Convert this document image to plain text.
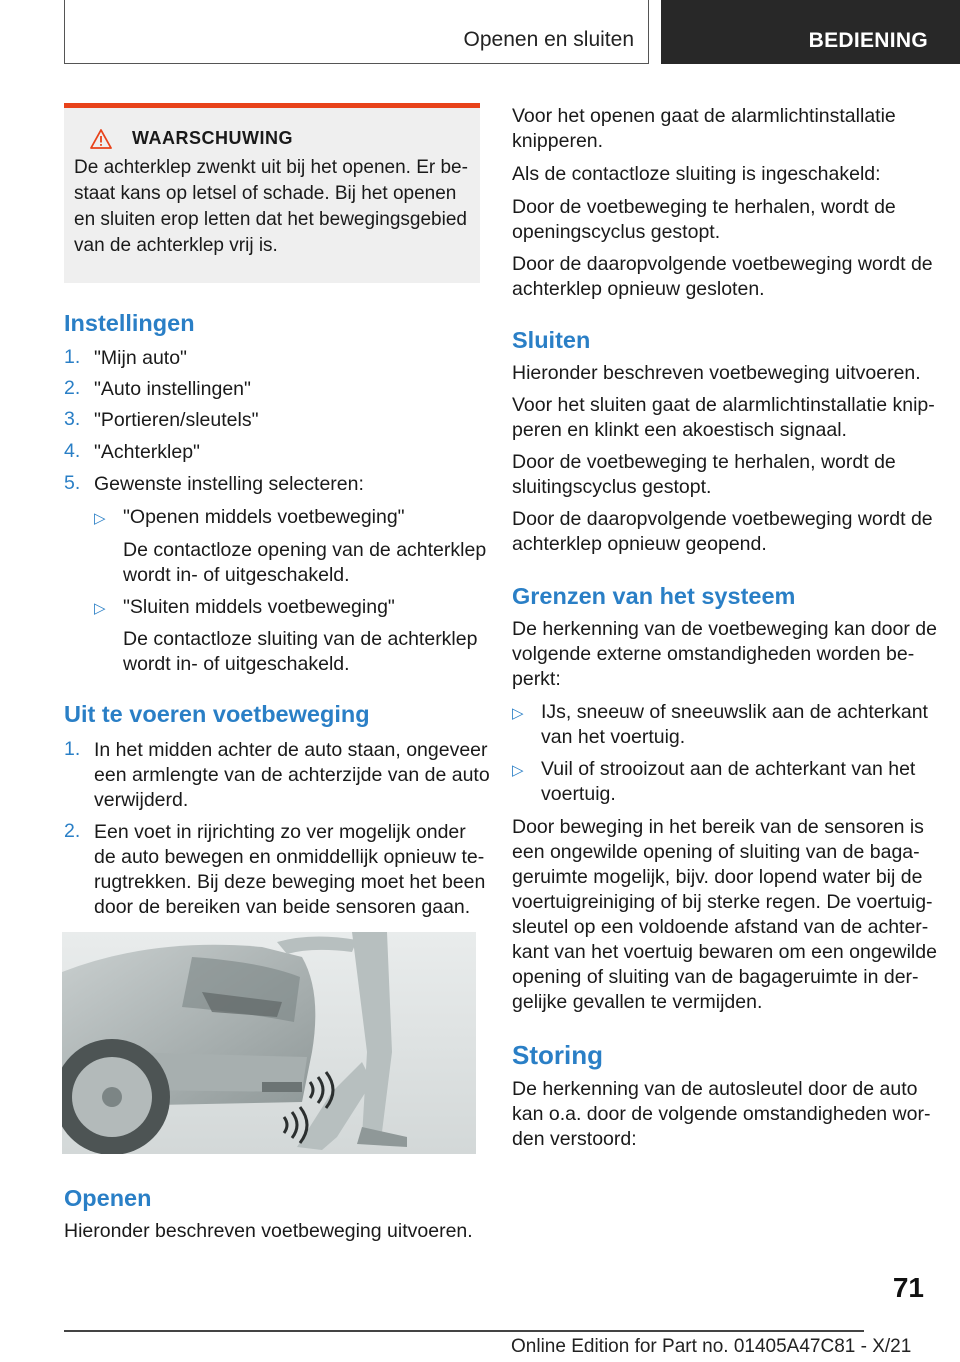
Openen en sluiten	BEDIENING
WAARSCHUWING
De achterklep zwenkt uit bij het openen. Er be-
staat kans op letsel of schade. Bij het openen
en sluiten erop letten dat het bewegingsgebied
van de achterklep vrij is.
Instellingen
1. "Mijn auto"

2. "Auto instellingen"

3. "Portieren/sleutels"

4. "Achterklep"

5. Gewenste instelling selecteren:

▷ "Openen middels voetbeweging"

De contactloze opening van de achterklep

wordt in- of uitgeschakeld.

▷ "Sluiten middels voetbeweging"

De contactloze sluiting van de achterklep

wordt in- of uitgeschakeld.

Uit te voeren voetbeweging
1. In het midden achter de auto staan, ongeveer

een armlengte van de achterzijde van de auto

verwijderd.

2. Een voet in rijrichting zo ver mogelijk onder

de auto bewegen en onmiddellijk opnieuw te-

rugtrekken. Bij deze beweging moet het been

door de bereiken van beide sensoren gaan.

Openen

Hieronder beschreven voetbeweging uitvoeren.

Voor het openen gaat de alarmlichtinstallatie

knipperen.

Als de contactloze sluiting is ingeschakeld:

Door de voetbeweging te herhalen, wordt de

openingscyclus gestopt.

Door de daaropvolgende voetbeweging wordt de

achterklep opnieuw gesloten.

Sluiten

Hieronder beschreven voetbeweging uitvoeren.

Voor het sluiten gaat de alarmlichtinstallatie knip-

peren en klinkt een akoestisch signaal.

Door de voetbeweging te herhalen, wordt de

sluitingscyclus gestopt.

Door de daaropvolgende voetbeweging wordt de

achterklep opnieuw geopend.

Grenzen van het systeem

De herkenning van de voetbeweging kan door de

volgende externe omstandigheden worden be-

perkt:

▷ IJs, sneeuw of sneeuwslik aan de achterkant

van het voertuig.

▷ Vuil of strooizout aan de achterkant van het

voertuig.

Door beweging in het bereik van de sensoren is

een ongewilde opening of sluiting van de baga-

geruimte mogelijk, bijv. door lopend water bij de

voertuigreiniging of bij sterke regen. De voertuig-

sleutel op een voldoende afstand van de achter-

kant van het voertuig bewaren om een ongewilde

opening of sluiting van de bagageruimte in der-

gelijke gevallen te vermijden.

Storing

De herkenning van de autosleutel door de auto

kan o.a. door de volgende omstandigheden wor-

den verstoord:

71
Online Edition for Part no. 01405A47C81 - X/21
